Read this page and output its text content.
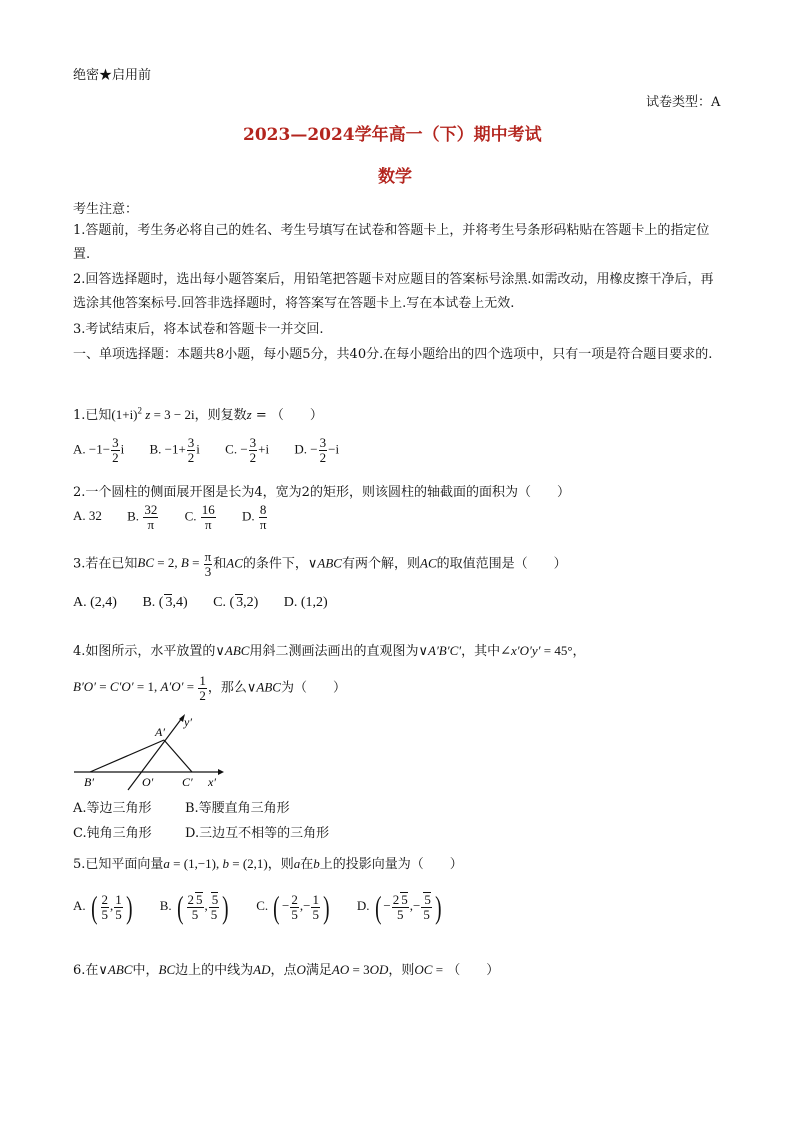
绝密★启用前
试卷类型：A
2023—2024学年高一（下）期中考试
数学
考生注意：
1.答题前，考生务必将自己的姓名、考生号填写在试卷和答题卡上，并将考生号条形码粘贴在答题卡上的指定位置.
2.回答选择题时，选出每小题答案后，用铅笔把答题卡对应题目的答案标号涂黑.如需改动，用橡皮擦干净后，再选涂其他答案标号.回答非选择题时，将答案写在答题卡上.写在本试卷上无效.
3.考试结束后，将本试卷和答题卡一并交回.
一、单项选择题：本题共8小题，每小题5分，共40分.在每小题给出的四个选项中，只有一项是符合题目要求的.
1.已知$(1+i)^2$ z = 3 − 2i，则复数z = （　　）
A. $-1- \frac{3}{2}$ i B. $-1+ \frac{3}{2}$ i C. − $\frac{3}{2} +i$ D. − $\frac{3}{2} -i$
2.一个圆柱的侧面展开图是长为4，宽为2的矩形，则该圆柱的轴截面的面积为（　　）
A. 32 B. $\frac{32}{\pi} C$. $\frac{16}{\pi} D$. $\frac{8}{\pi}$
3.若在已知BC = 2, $B = \frac{\pi}{3}$ 和AC的条件下，∨ABC有两个解，则AC的取值范围是（　　）
A. (2,4) B. ( 3,4) C. ( 3,2) D. (1,2)
4.如图所示，水平放置的∨ABC用斜二测画法画出的直观图为∨A′B′C′，其中∠x′O′y′ = 45°，
B′O′ = C′O′ = 1, $A'O' = \frac{1}{2}$ ，那么∨ABC为（　　）
A′
y′
B′	O′ C′ x′
A.等边三角形	B.等腰直角三角形
C.钝角三角形	D.三边互不相等的三角形
5.已知平面向量a = (1,−1), b = (2,1)，则a在b上的投影向量为（　　）
A. ( $\frac{2}{5}$ , $\frac{1}{5}$ ) B. ( $\frac{2 5}{5}$ , $\frac{5}{5}$ ) C. ( − $\frac{2}{5}$ ,− $\frac{1}{5}$ ) D. ( − $\frac{2 5}{5}$ ,− $\frac{5}{5}$ )
6.在∨ABC中，BC边上的中线为AD，点O满足AO = 3OD，则OC = （　　）
